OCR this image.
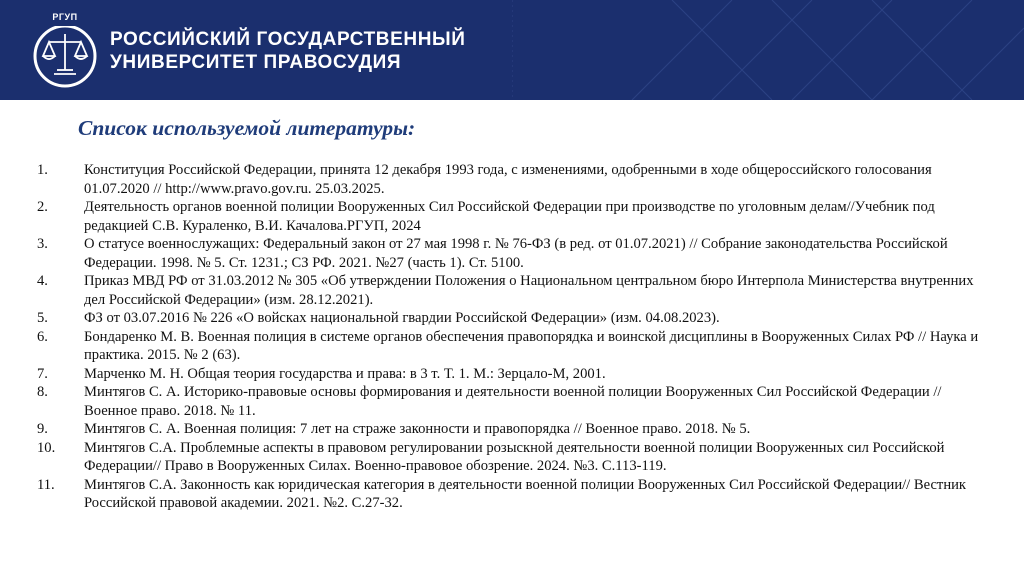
РГУП
РОССИЙСКИЙ ГОСУДАРСТВЕННЫЙ
УНИВЕРСИТЕТ ПРАВОСУДИЯ
Список используемой литературы:
1. Конституция Российской Федерации, принята 12 декабря 1993 года, с изменениями, одобренными в ходе общероссийского голосования 01.07.2020 // http://www.pravo.gov.ru. 25.03.2025.
2. Деятельность органов военной полиции Вооруженных Сил Российской Федерации при производстве по уголовным делам//Учебник под редакцией С.В. Кураленко, В.И. Качалова.РГУП, 2024
3. О статусе военнослужащих: Федеральный закон от 27 мая 1998 г. № 76-ФЗ (в ред. от 01.07.2021) // Собрание законодательства Российской Федерации. 1998. № 5. Ст. 1231.; СЗ РФ. 2021. №27 (часть 1). Ст. 5100.
4. Приказ МВД РФ от 31.03.2012 № 305 «Об утверждении Положения о Национальном центральном бюро Интерпола Министерства внутренних дел Российской Федерации» (изм. 28.12.2021).
5. ФЗ от 03.07.2016 № 226 «О войсках национальной гвардии Российской Федерации» (изм. 04.08.2023).
6. Бондаренко М. В. Военная полиция в системе органов обеспечения правопорядка и воинской дисциплины в Вооруженных Силах РФ // Наука и практика. 2015. № 2 (63).
7. Марченко М. Н. Общая теория государства и права: в 3 т. Т. 1. М.: Зерцало-М, 2001.
8. Минтягов С. А. Историко-правовые основы формирования и деятельности военной полиции Вооруженных Сил Российской Федерации // Военное право. 2018. № 11.
9. Минтягов С. А. Военная полиция: 7 лет на страже законности и правопорядка // Военное право. 2018. № 5.
10. Минтягов С.А. Проблемные аспекты в правовом регулировании розыскной деятельности военной полиции Вооруженных сил Российской Федерации// Право в Вооруженных Силах. Военно-правовое обозрение. 2024. №3. С.113-119.
11. Минтягов С.А. Законность как юридическая категория в деятельности военной полиции Вооруженных Сил Российской Федерации// Вестник Российской правовой академии. 2021. №2. С.27-32.
